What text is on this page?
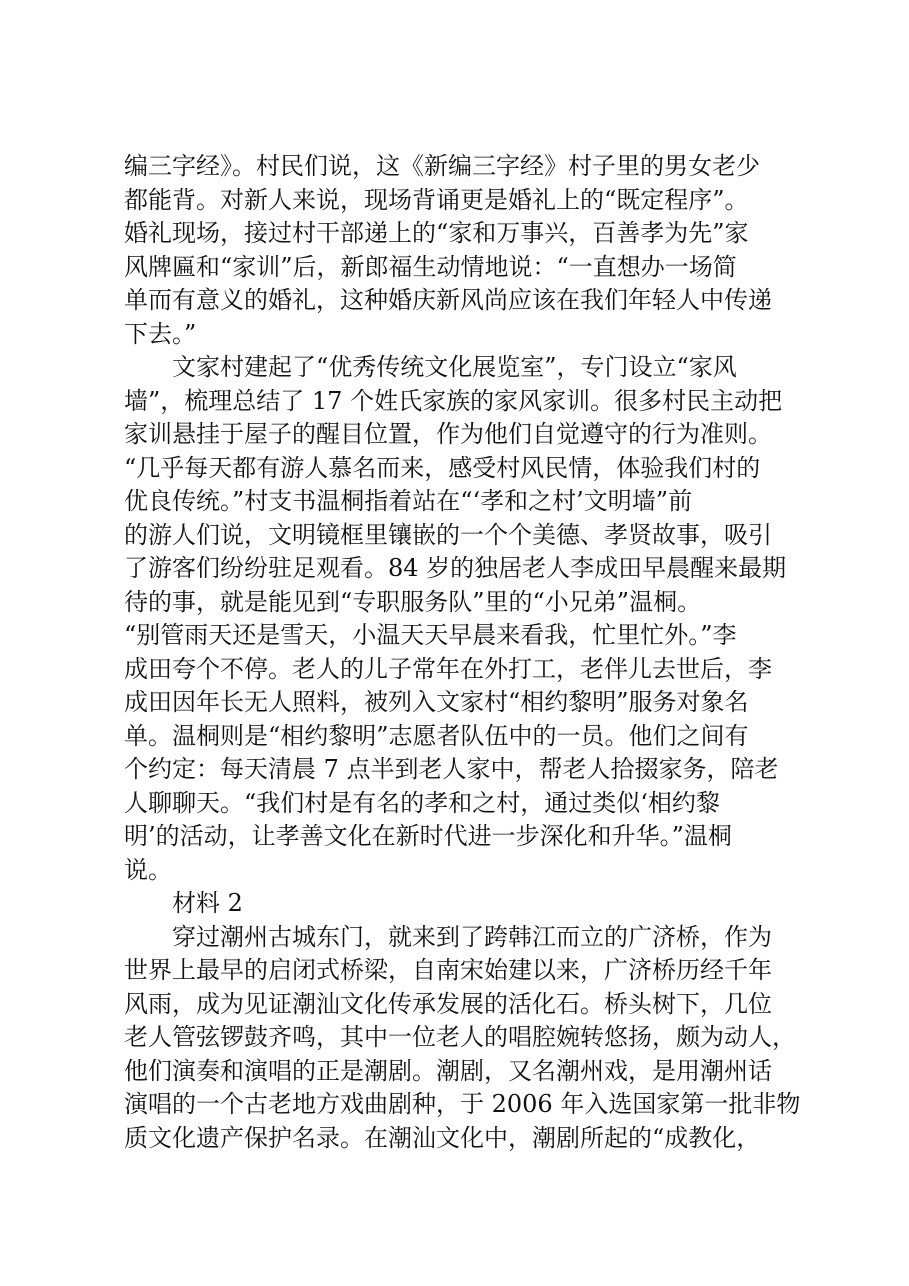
编三字经》。村民们说，这《新编三字经》村子里的男女老少
都能背。对新人来说，现场背诵更是婚礼上的“既定程序”。
婚礼现场，接过村干部递上的“家和万事兴，百善孝为先”家
风牌匾和“家训”后，新郎福生动情地说：“一直想办一场简
单而有意义的婚礼，这种婚庆新风尚应该在我们年轻人中传递
下去。”
文家村建起了“优秀传统文化展览室”，专门设立“家风
墙”，梳理总结了 17 个姓氏家族的家风家训。很多村民主动把
家训悬挂于屋子的醒目位置，作为他们自觉遵守的行为准则。
“几乎每天都有游人慕名而来，感受村风民情，体验我们村的
优良传统。”村支书温桐指着站在“‘孝和之村’文明墙”前
的游人们说，文明镜框里镶嵌的一个个美德、孝贤故事，吸引
了游客们纷纷驻足观看。84 岁的独居老人李成田早晨醒来最期
待的事，就是能见到“专职服务队”里的“小兄弟”温桐。
“别管雨天还是雪天，小温天天早晨来看我，忙里忙外。”李
成田夸个不停。老人的儿子常年在外打工，老伴儿去世后，李
成田因年长无人照料，被列入文家村“相约黎明”服务对象名
单。温桐则是“相约黎明”志愿者队伍中的一员。他们之间有
个约定：每天清晨 7 点半到老人家中，帮老人拾掇家务，陪老
人聊聊天。“我们村是有名的孝和之村，通过类似‘相约黎
明’的活动，让孝善文化在新时代进一步深化和升华。”温桐
说。
材料 2
穿过潮州古城东门，就来到了跨韩江而立的广济桥，作为
世界上最早的启闭式桥梁，自南宋始建以来，广济桥历经千年
风雨，成为见证潮汕文化传承发展的活化石。桥头树下，几位
老人管弦锣鼓齐鸣，其中一位老人的唱腔婉转悠扬，颇为动人，
他们演奏和演唱的正是潮剧。潮剧，又名潮州戏，是用潮州话
演唱的一个古老地方戏曲剧种，于 2006 年入选国家第一批非物
质文化遗产保护名录。在潮汕文化中，潮剧所起的“成教化，
